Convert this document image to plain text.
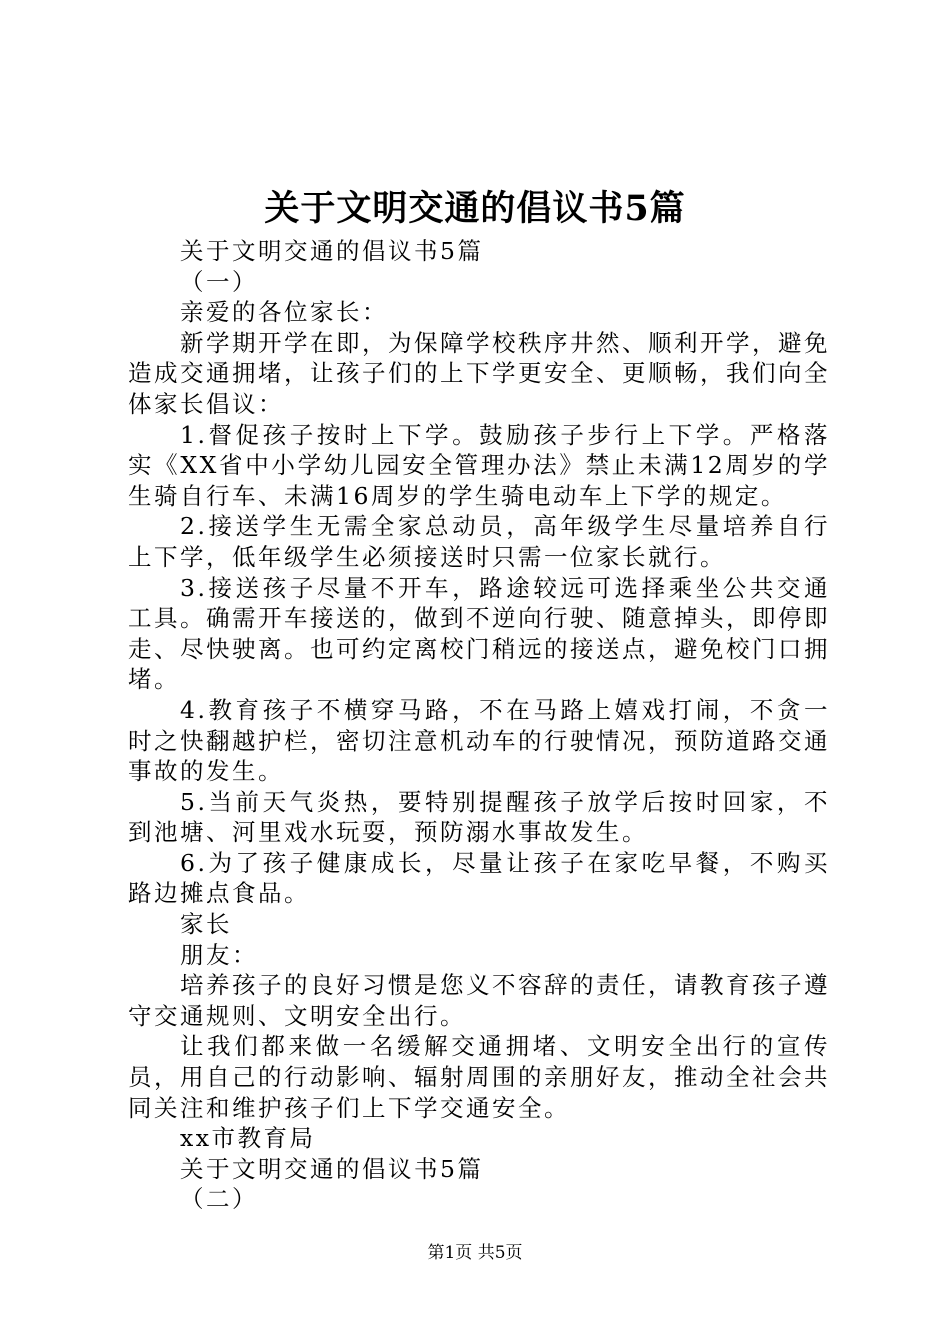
关于文明交通的倡议书5篇

关于文明交通的倡议书5篇

（一）

亲爱的各位家长：

新学期开学在即，为保障学校秩序井然、顺利开学，避免造成交通拥堵，让孩子们的上下学更安全、更顺畅，我们向全体家长倡议：

1.督促孩子按时上下学。鼓励孩子步行上下学。严格落实《XX省中小学幼儿园安全管理办法》禁止未满12周岁的学生骑自行车、未满16周岁的学生骑电动车上下学的规定。

2.接送学生无需全家总动员，高年级学生尽量培养自行上下学，低年级学生必须接送时只需一位家长就行。

3.接送孩子尽量不开车，路途较远可选择乘坐公共交通工具。确需开车接送的，做到不逆向行驶、随意掉头，即停即走、尽快驶离。也可约定离校门稍远的接送点，避免校门口拥堵。

4.教育孩子不横穿马路，不在马路上嬉戏打闹，不贪一时之快翻越护栏，密切注意机动车的行驶情况，预防道路交通事故的发生。

5.当前天气炎热，要特别提醒孩子放学后按时回家，不到池塘、河里戏水玩耍，预防溺水事故发生。

6.为了孩子健康成长，尽量让孩子在家吃早餐，不购买路边摊点食品。

家长

朋友：

培养孩子的良好习惯是您义不容辞的责任，请教育孩子遵守交通规则、文明安全出行。

让我们都来做一名缓解交通拥堵、文明安全出行的宣传员，用自己的行动影响、辐射周围的亲朋好友，推动全社会共同关注和维护孩子们上下学交通安全。

xx市教育局

关于文明交通的倡议书5篇

（二）

第1页 共5页
